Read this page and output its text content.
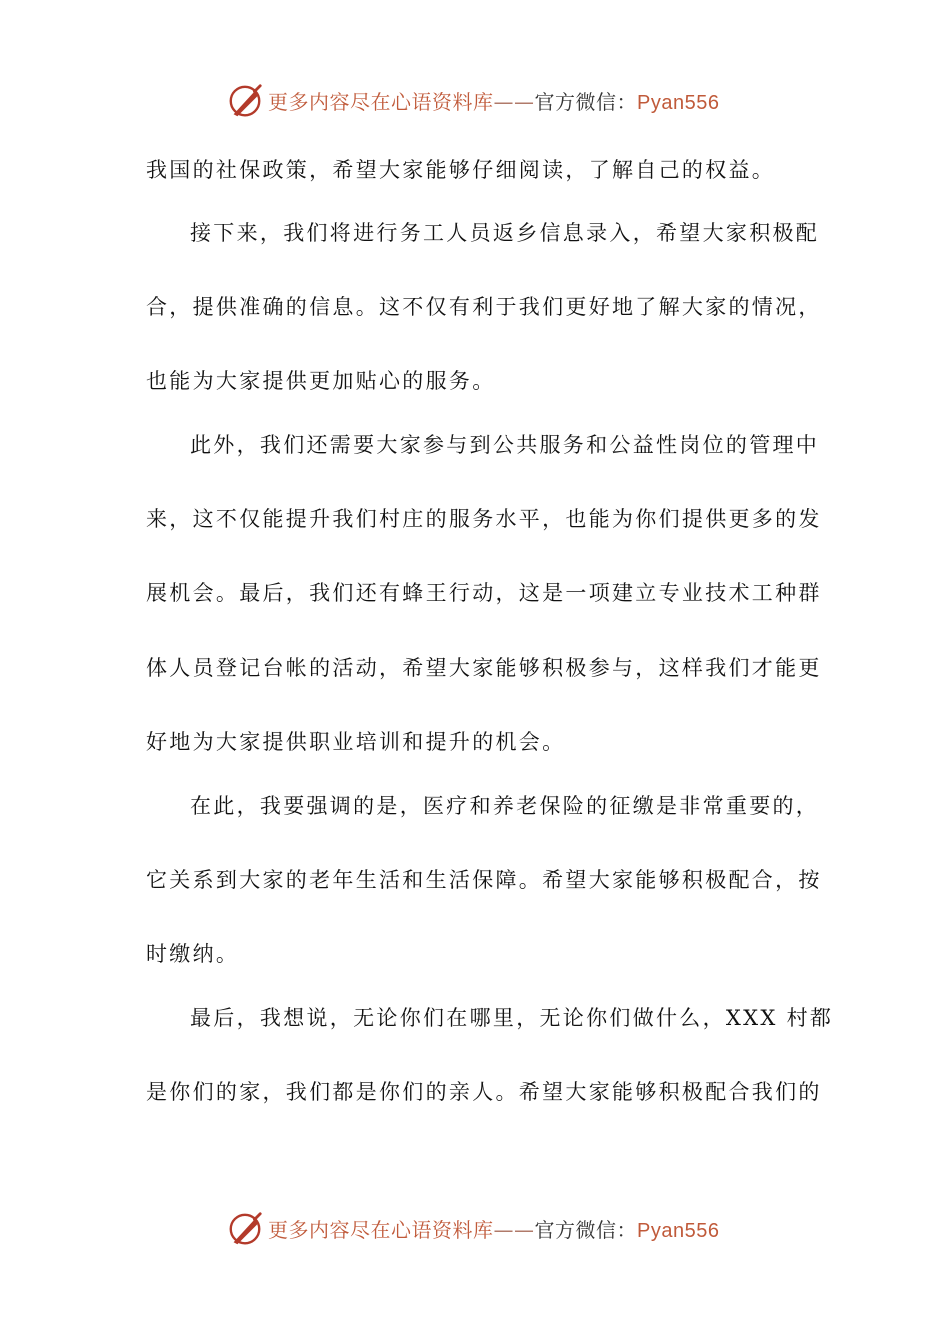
更多内容尽在心语资料库——官方微信：Pyan556
我国的社保政策，希望大家能够仔细阅读，了解自己的权益。
接下来，我们将进行务工人员返乡信息录入，希望大家积极配
合，提供准确的信息。这不仅有利于我们更好地了解大家的情况，
也能为大家提供更加贴心的服务。
此外，我们还需要大家参与到公共服务和公益性岗位的管理中
来，这不仅能提升我们村庄的服务水平，也能为你们提供更多的发
展机会。最后，我们还有蜂王行动，这是一项建立专业技术工种群
体人员登记台帐的活动，希望大家能够积极参与，这样我们才能更
好地为大家提供职业培训和提升的机会。
在此，我要强调的是，医疗和养老保险的征缴是非常重要的，
它关系到大家的老年生活和生活保障。希望大家能够积极配合，按
时缴纳。
最后，我想说，无论你们在哪里，无论你们做什么，XXX 村都
是你们的家，我们都是你们的亲人。希望大家能够积极配合我们的
更多内容尽在心语资料库——官方微信：Pyan556
